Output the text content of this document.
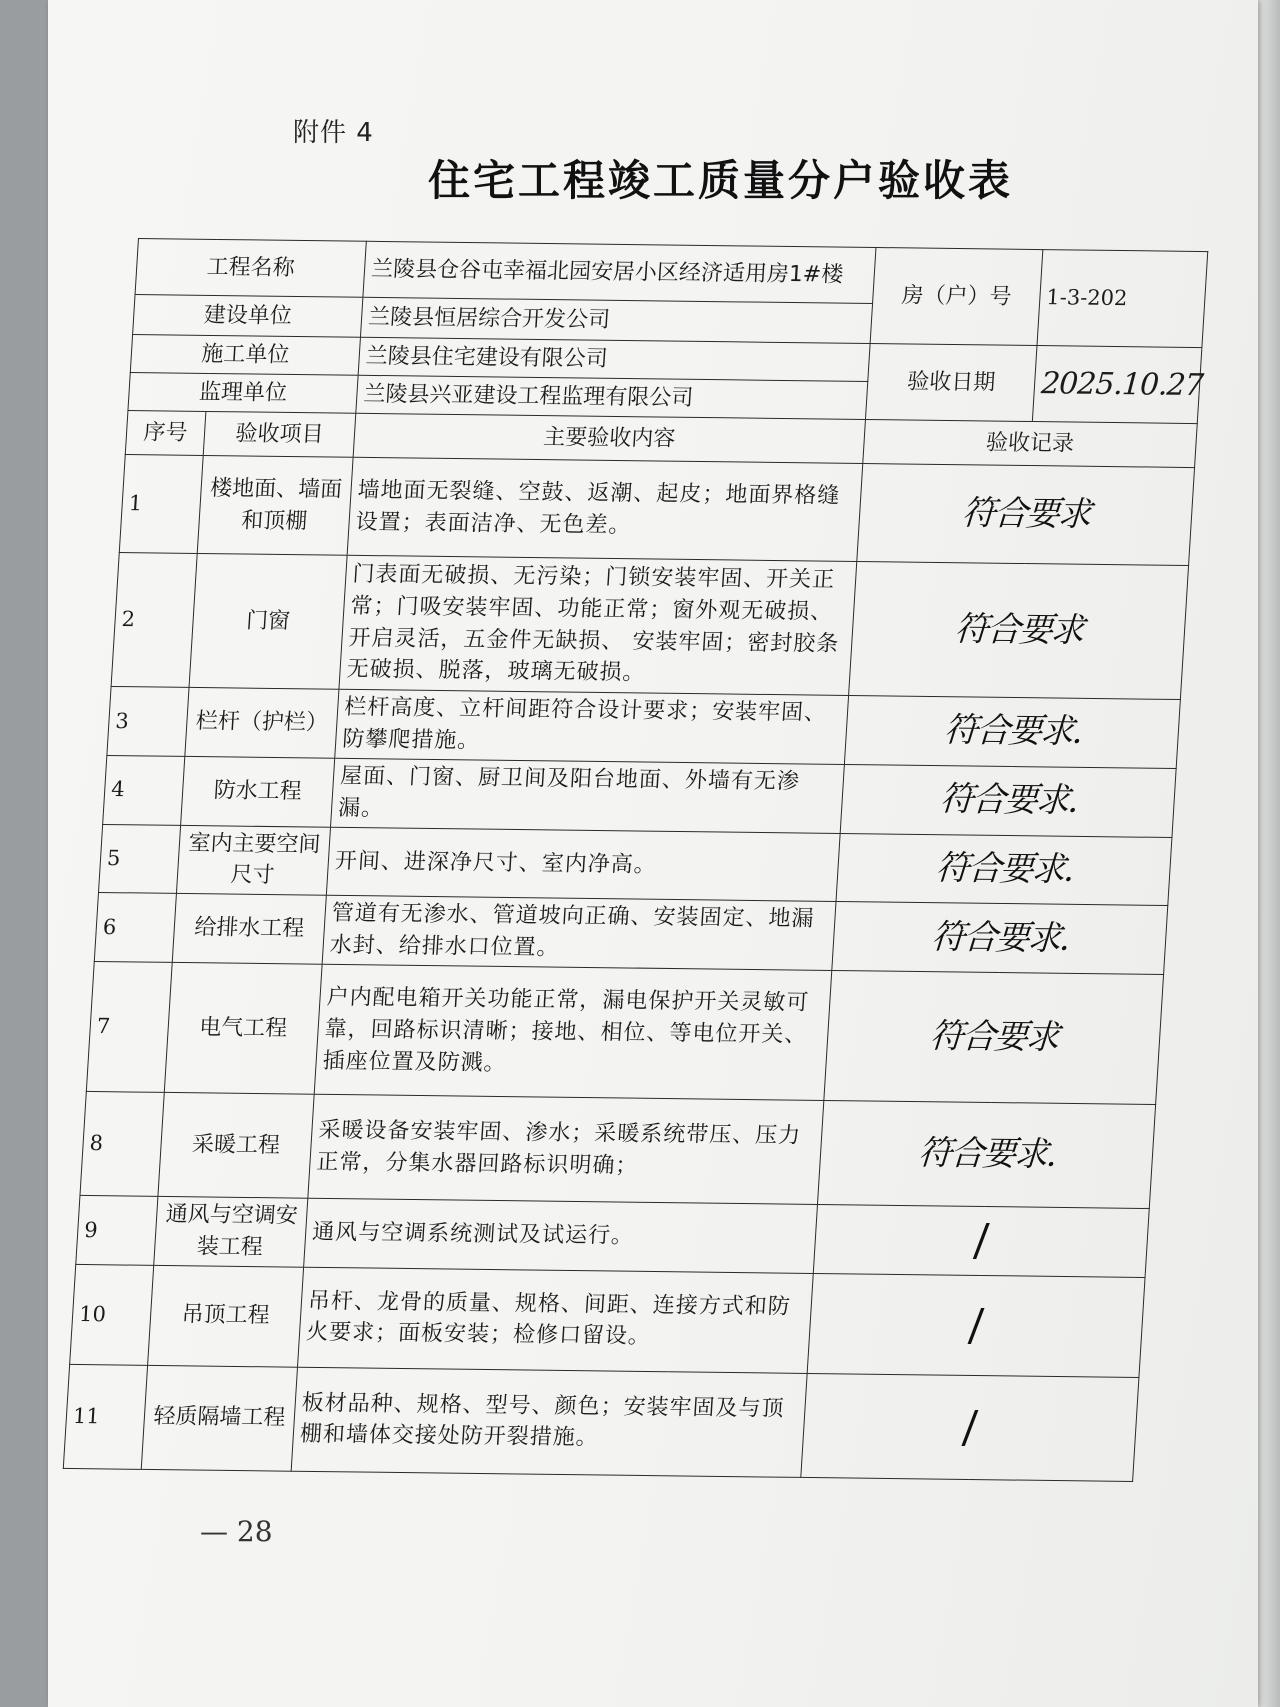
附件 4
住宅工程竣工质量分户验收表
工程名称		兰陵县仓谷屯幸福北园安居小区经济适用房1#楼	房（户）号	1-3-202
建设单位		兰陵县恒居综合开发公司		
施工单位		兰陵县住宅建设有限公司	验收日期	2025.10.27
监理单位		兰陵县兴亚建设工程监理有限公司		
序号	验收项目	主要验收内容	验收记录	
1	楼地面、墙面和顶棚	墙地面无裂缝、空鼓、返潮、起皮；地面界格缝设置；表面洁净、无色差。	符合要求	
2	门窗	门表面无破损、无污染；门锁安装牢固、开关正常；门吸安装牢固、功能正常；窗外观无破损、开启灵活，五金件无缺损、 安装牢固；密封胶条无破损、脱落，玻璃无破损。	符合要求	
3	栏杆（护栏）	栏杆高度、立杆间距符合设计要求；安装牢固、防攀爬措施。	符合要求.	
4	防水工程	屋面、门窗、厨卫间及阳台地面、外墙有无渗漏。	符合要求.	
5	室内主要空间尺寸	开间、进深净尺寸、室内净高。	符合要求.	
6	给排水工程	管道有无渗水、管道坡向正确、安装固定、地漏水封、给排水口位置。	符合要求.	
7	电气工程	户内配电箱开关功能正常，漏电保护开关灵敏可靠，回路标识清晰；接地、相位、等电位开关、插座位置及防溅。	符合要求	
8	采暖工程	采暖设备安装牢固、渗水；采暖系统带压、压力正常，分集水器回路标识明确；	符合要求.	
9	通风与空调安装工程	通风与空调系统测试及试运行。	/	
10	吊顶工程	吊杆、龙骨的质量、规格、间距、连接方式和防火要求；面板安装；检修口留设。	/	
11	轻质隔墙工程	板材品种、规格、型号、颜色；安装牢固及与顶棚和墙体交接处防开裂措施。	/	
— 28
